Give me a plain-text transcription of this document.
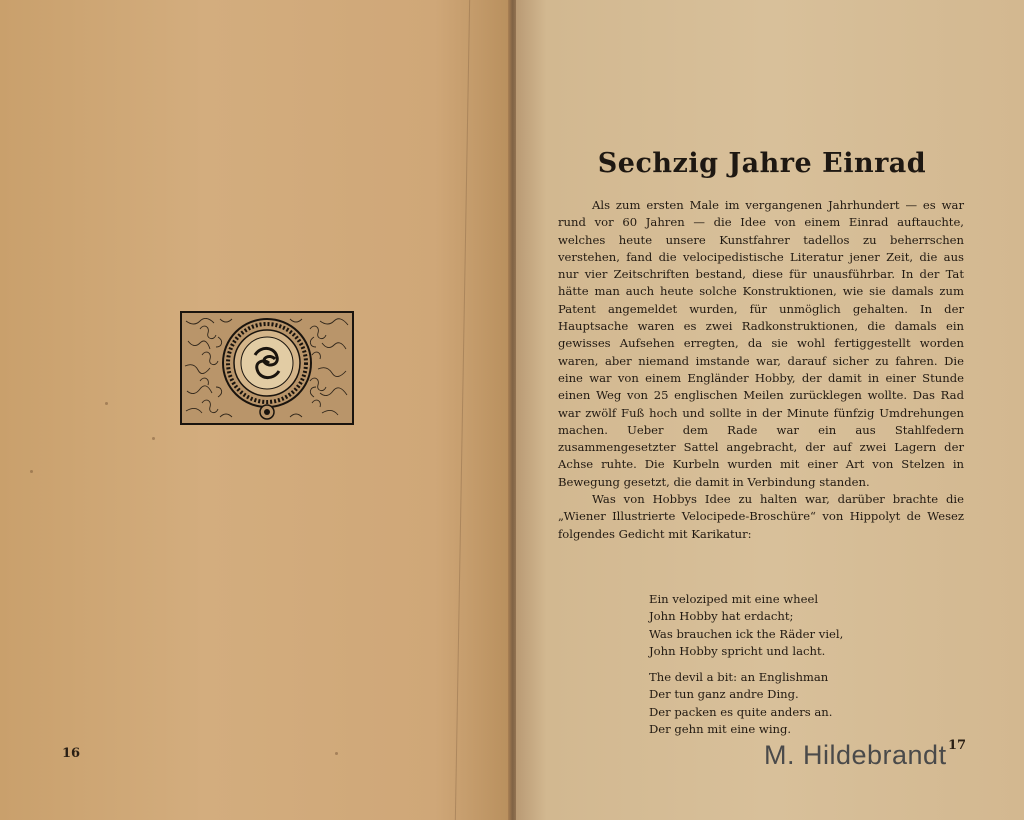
16
Sechzig Jahre Einrad

Als zum ersten Male im vergangenen Jahrhundert — es war rund vor 60 Jahren — die Idee von einem Einrad auftauchte, welches heute unsere Kunstfahrer tadellos zu beherrschen verstehen, fand die velocipedistische Literatur jener Zeit, die aus nur vier Zeitschriften bestand, diese für unausführbar. In der Tat hätte man auch heute solche Konstruktionen, wie sie damals zum Patent angemeldet wurden, für unmöglich gehalten. In der Hauptsache waren es zwei Radkonstruktionen, die damals ein gewisses Aufsehen erregten, da sie wohl fertiggestellt worden waren, aber niemand imstande war, darauf sicher zu fahren. Die eine war von einem Engländer Hobby, der damit in einer Stunde einen Weg von 25 englischen Meilen zurücklegen wollte. Das Rad war zwölf Fuß hoch und sollte in der Minute fünfzig Umdrehungen machen. Ueber dem Rade war ein aus Stahlfedern zusammengesetzter Sattel angebracht, der auf zwei Lagern der Achse ruhte. Die Kurbeln wurden mit einer Art von Stelzen in Bewegung gesetzt, die damit in Verbindung standen.

Was von Hobbys Idee zu halten war, darüber brachte die „Wiener Illustrierte Velocipede-Broschüre“ von Hippolyt de Wesez folgendes Gedicht mit Karikatur:

Ein veloziped mit eine wheel
John Hobby hat erdacht;
Was brauchen ick the Räder viel,
John Hobby spricht und lacht.
The devil a bit: an Englishman
Der tun ganz andre Ding.
Der packen es quite anders an.
Der gehn mit eine wing.
17
M. Hildebrandt
